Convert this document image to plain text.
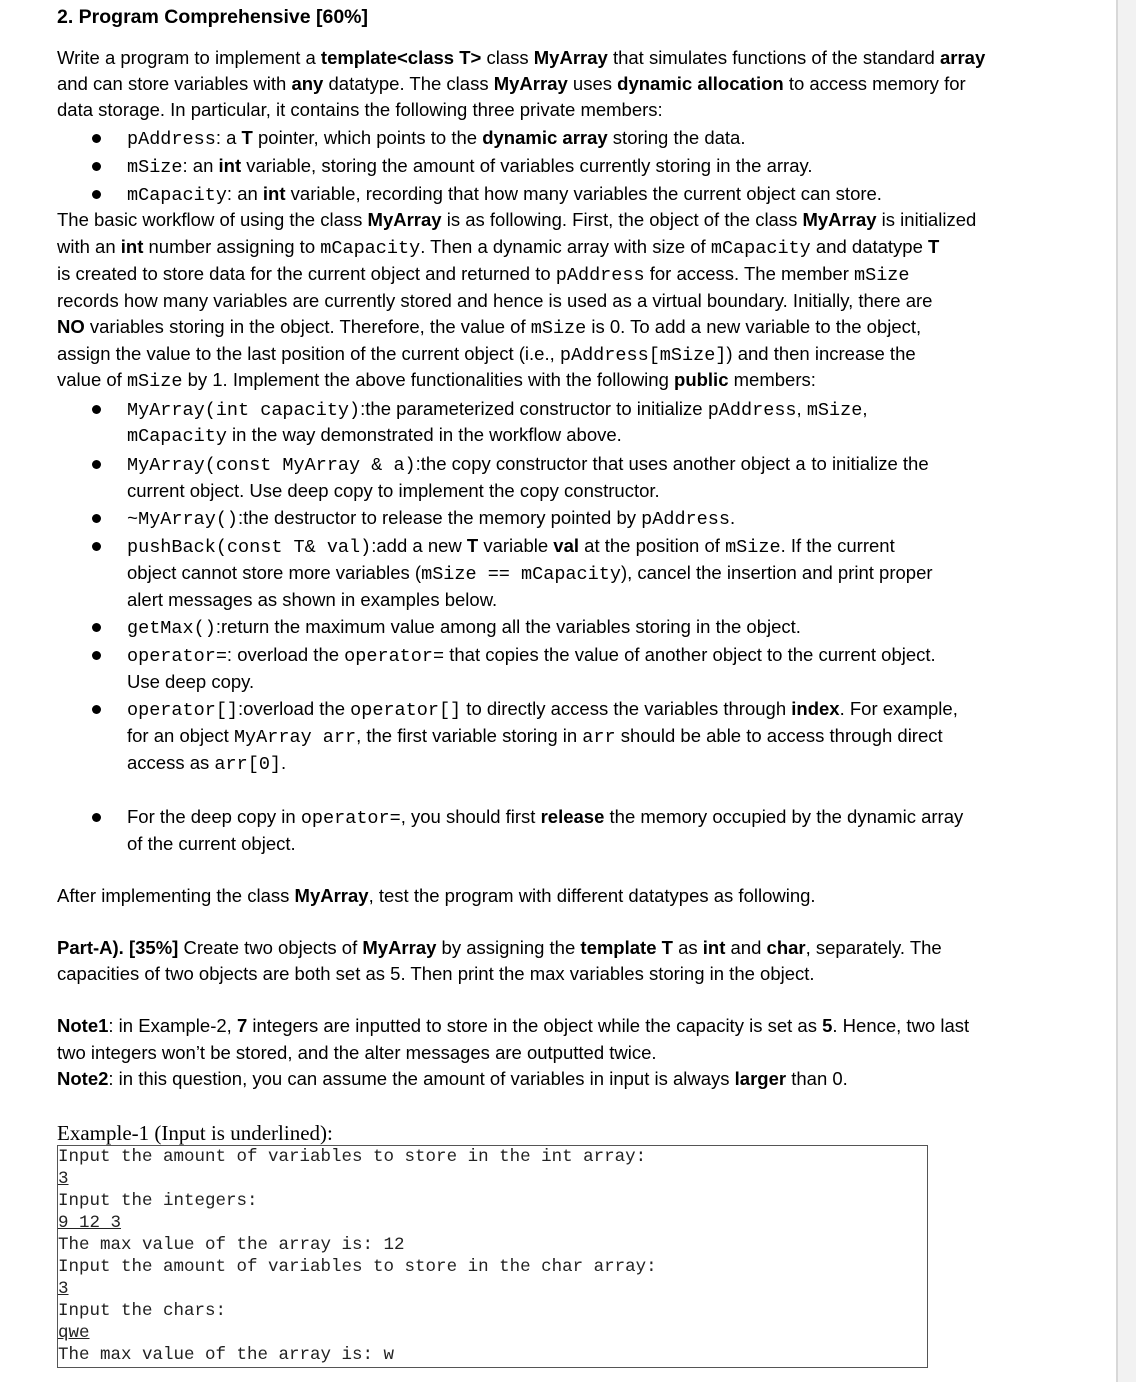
2. Program Comprehensive [60%]
Write a program to implement a template<class T> class MyArray that simulates functions of the standard array
and can store variables with any datatype. The class MyArray uses dynamic allocation to access memory for
data storage. In particular, it contains the following three private members:
pAddress: a T pointer, which points to the dynamic array storing the data.
mSize: an int variable, storing the amount of variables currently storing in the array.
mCapacity: an int variable, recording that how many variables the current object can store.
The basic workflow of using the class MyArray is as following. First, the object of the class MyArray is initialized
with an int number assigning to mCapacity. Then a dynamic array with size of mCapacity and datatype T
is created to store data for the current object and returned to pAddress for access. The member mSize
records how many variables are currently stored and hence is used as a virtual boundary. Initially, there are
NO variables storing in the object. Therefore, the value of mSize is 0. To add a new variable to the object,
assign the value to the last position of the current object (i.e., pAddress[mSize]) and then increase the
value of mSize by 1. Implement the above functionalities with the following public members:
MyArray(int capacity):the parameterized constructor to initialize pAddress, mSize,
mCapacity in the way demonstrated in the workflow above.
MyArray(const MyArray & a):the copy constructor that uses another object a to initialize the
current object. Use deep copy to implement the copy constructor.
~MyArray():the destructor to release the memory pointed by pAddress.
pushBack(const T& val):add a new T variable val at the position of mSize. If the current
object cannot store more variables (mSize == mCapacity), cancel the insertion and print proper
alert messages as shown in examples below.
getMax():return the maximum value among all the variables storing in the object.
operator=: overload the operator= that copies the value of another object to the current object.
Use deep copy.
operator[]:overload the operator[] to directly access the variables through index. For example,
for an object MyArray arr, the first variable storing in arr should be able to access through direct
access as arr[0].
For the deep copy in operator=, you should first release the memory occupied by the dynamic array
of the current object.
After implementing the class MyArray, test the program with different datatypes as following.
Part-A). [35%] Create two objects of MyArray by assigning the template T as int and char, separately. The
capacities of two objects are both set as 5. Then print the max variables storing in the object.
Note1: in Example-2, 7 integers are inputted to store in the object while the capacity is set as 5. Hence, two last
two integers won’t be stored, and the alter messages are outputted twice.
Note2: in this question, you can assume the amount of variables in input is always larger than 0.
Example-1 (Input is underlined):
Input the amount of variables to store in the int array:
3
Input the integers:
9 12 3
The max value of the array is: 12
Input the amount of variables to store in the char array:
3
Input the chars:
qwe
The max value of the array is: w
